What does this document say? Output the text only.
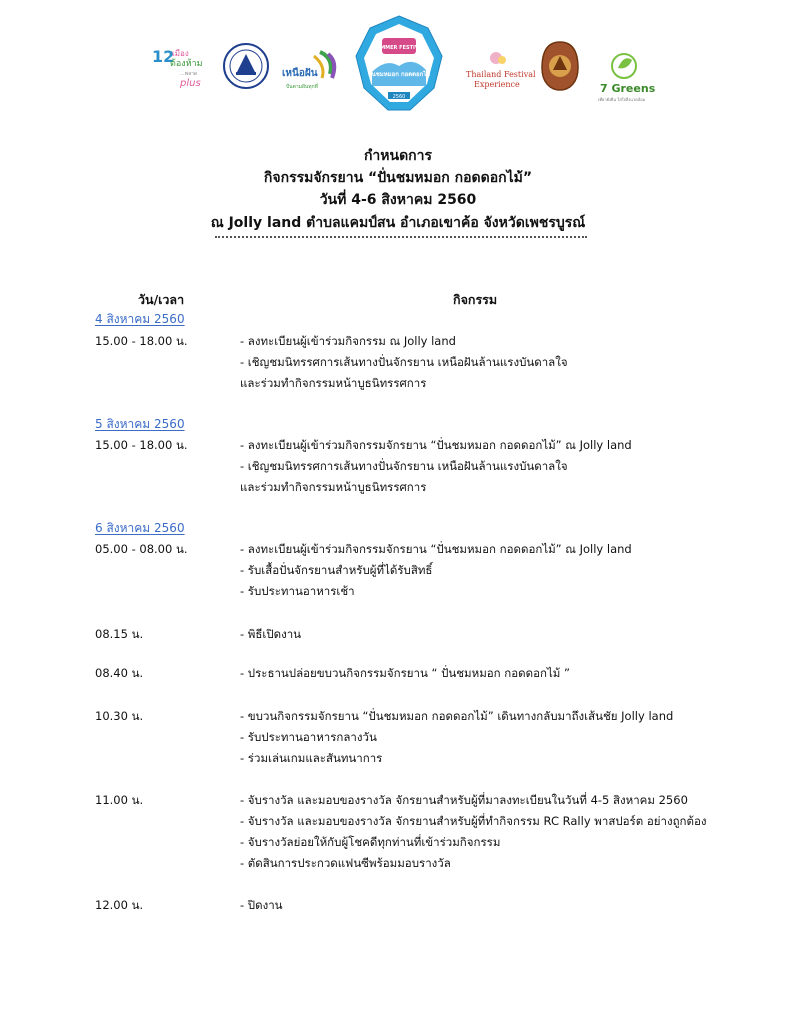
12
เมือง
ต้องห้าม
...พลาด
plus
เหนือฝัน
ปั่นตามฝันทุกที่
SUMMER FESTIVAL
ปั่นชมหมอก กอดดอกไม้
2560
Thailand Festival
Experience	7 Greens
เที่ยวยั่งยืน ใส่ใจสิ่งแวดล้อม
กำหนดการ
กิจกรรมจักรยาน “ปั่นชมหมอก กอดดอกไม้”
วันที่ 4-6 สิงหาคม 2560
ณ Jolly land ตำบลแคมป์สน อำเภอเขาค้อ จังหวัดเพชรบูรณ์
วัน/เวลา	กิจกรรม
4 สิงหาคม 2560
15.00 - 18.00 น.	- ลงทะเบียนผู้เข้าร่วมกิจกรรม ณ Jolly land
- เชิญชมนิทรรศการเส้นทางปั่นจักรยาน เหนือฝันล้านแรงบันดาลใจ
และร่วมทำกิจกรรมหน้าบูธนิทรรศการ
5 สิงหาคม 2560
15.00 - 18.00 น.	- ลงทะเบียนผู้เข้าร่วมกิจกรรมจักรยาน “ปั่นชมหมอก กอดดอกไม้” ณ Jolly land
- เชิญชมนิทรรศการเส้นทางปั่นจักรยาน เหนือฝันล้านแรงบันดาลใจ
และร่วมทำกิจกรรมหน้าบูธนิทรรศการ
6 สิงหาคม 2560
05.00 - 08.00 น.	- ลงทะเบียนผู้เข้าร่วมกิจกรรมจักรยาน “ปั่นชมหมอก กอดดอกไม้” ณ Jolly land
- รับเสื้อปั่นจักรยานสำหรับผู้ที่ได้รับสิทธิ์
- รับประทานอาหารเช้า
08.15 น.	- พิธีเปิดงาน
08.40 น.	- ประธานปล่อยขบวนกิจกรรมจักรยาน “ ปั่นชมหมอก กอดดอกไม้ ”
10.30 น.	- ขบวนกิจกรรมจักรยาน “ปั่นชมหมอก กอดดอกไม้” เดินทางกลับมาถึงเส้นชัย Jolly land
- รับประทานอาหารกลางวัน
- ร่วมเล่นเกมและสันทนาการ
11.00 น.	- จับรางวัล และมอบของรางวัล จักรยานสำหรับผู้ที่มาลงทะเบียนในวันที่ 4-5 สิงหาคม 2560
- จับรางวัล และมอบของรางวัล จักรยานสำหรับผู้ที่ทำกิจกรรม RC Rally พาสปอร์ต อย่างถูกต้อง
- จับรางวัลย่อยให้กับผู้โชคดีทุกท่านที่เข้าร่วมกิจกรรม
- ตัดสินการประกวดแฟนซีพร้อมมอบรางวัล
12.00 น.	- ปิดงาน
